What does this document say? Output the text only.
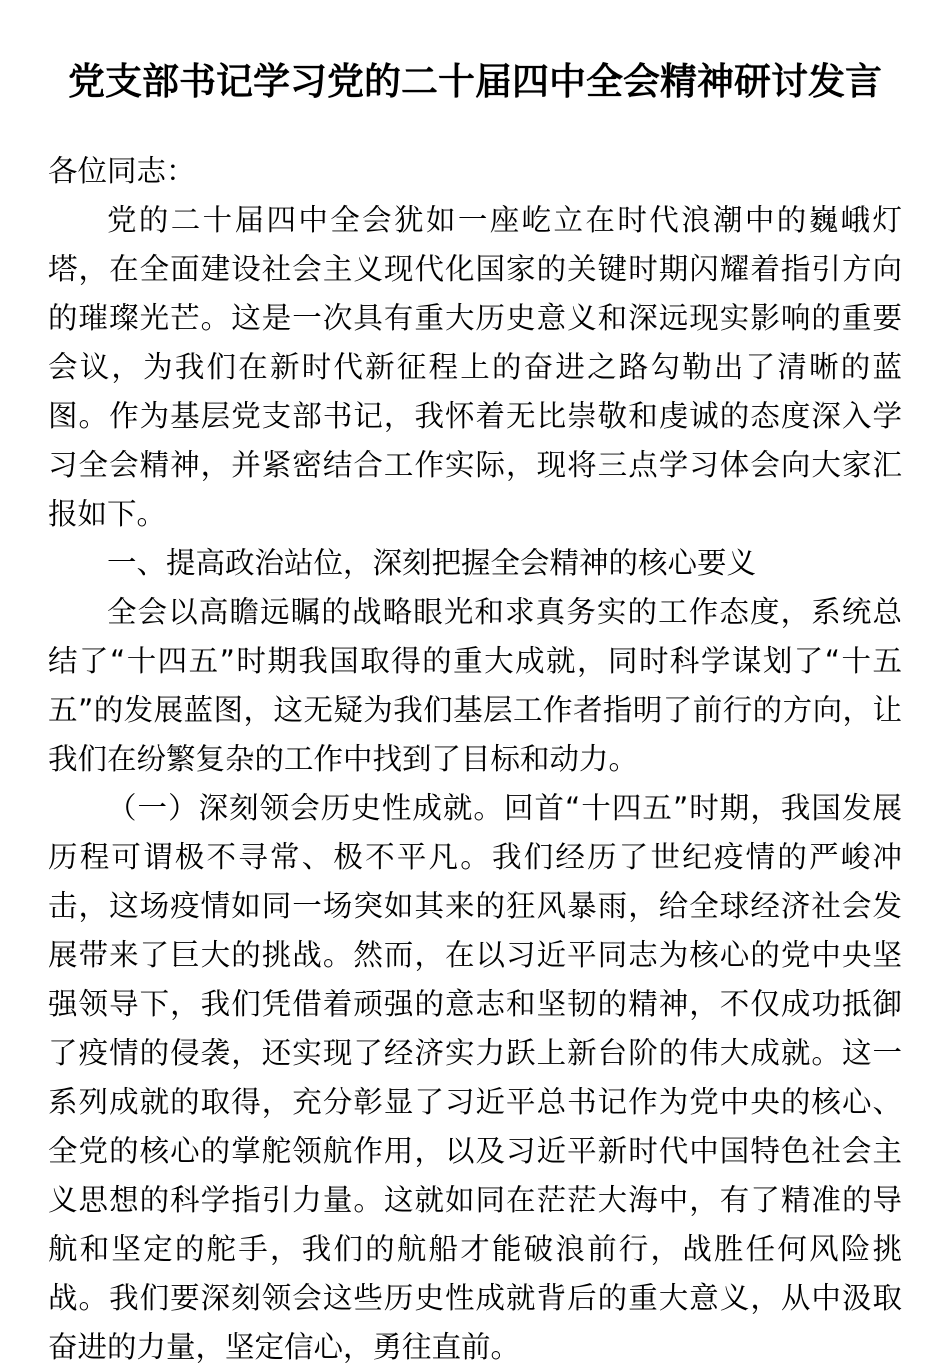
党支部书记学习党的二十届四中全会精神研讨发言

各位同志：

党的二十届四中全会犹如一座屹立在时代浪潮中的巍峨灯塔，在全面建设社会主义现代化国家的关键时期闪耀着指引方向的璀璨光芒。这是一次具有重大历史意义和深远现实影响的重要会议，为我们在新时代新征程上的奋进之路勾勒出了清晰的蓝图。作为基层党支部书记，我怀着无比崇敬和虔诚的态度深入学习全会精神，并紧密结合工作实际，现将三点学习体会向大家汇报如下。

一、提高政治站位，深刻把握全会精神的核心要义

全会以高瞻远瞩的战略眼光和求真务实的工作态度，系统总结了“十四五”时期我国取得的重大成就，同时科学谋划了“十五五”的发展蓝图，这无疑为我们基层工作者指明了前行的方向，让我们在纷繁复杂的工作中找到了目标和动力。

（一）深刻领会历史性成就。回首“十四五”时期，我国发展历程可谓极不寻常、极不平凡。我们经历了世纪疫情的严峻冲击，这场疫情如同一场突如其来的狂风暴雨，给全球经济社会发展带来了巨大的挑战。然而，在以习近平同志为核心的党中央坚强领导下，我们凭借着顽强的意志和坚韧的精神，不仅成功抵御了疫情的侵袭，还实现了经济实力跃上新台阶的伟大成就。这一系列成就的取得，充分彰显了习近平总书记作为党中央的核心、全党的核心的掌舵领航作用，以及习近平新时代中国特色社会主义思想的科学指引力量。这就如同在茫茫大海中，有了精准的导航和坚定的舵手，我们的航船才能破浪前行，战胜任何风险挑战。我们要深刻领会这些历史性成就背后的重大意义，从中汲取奋进的力量，坚定信心，勇往直前。
